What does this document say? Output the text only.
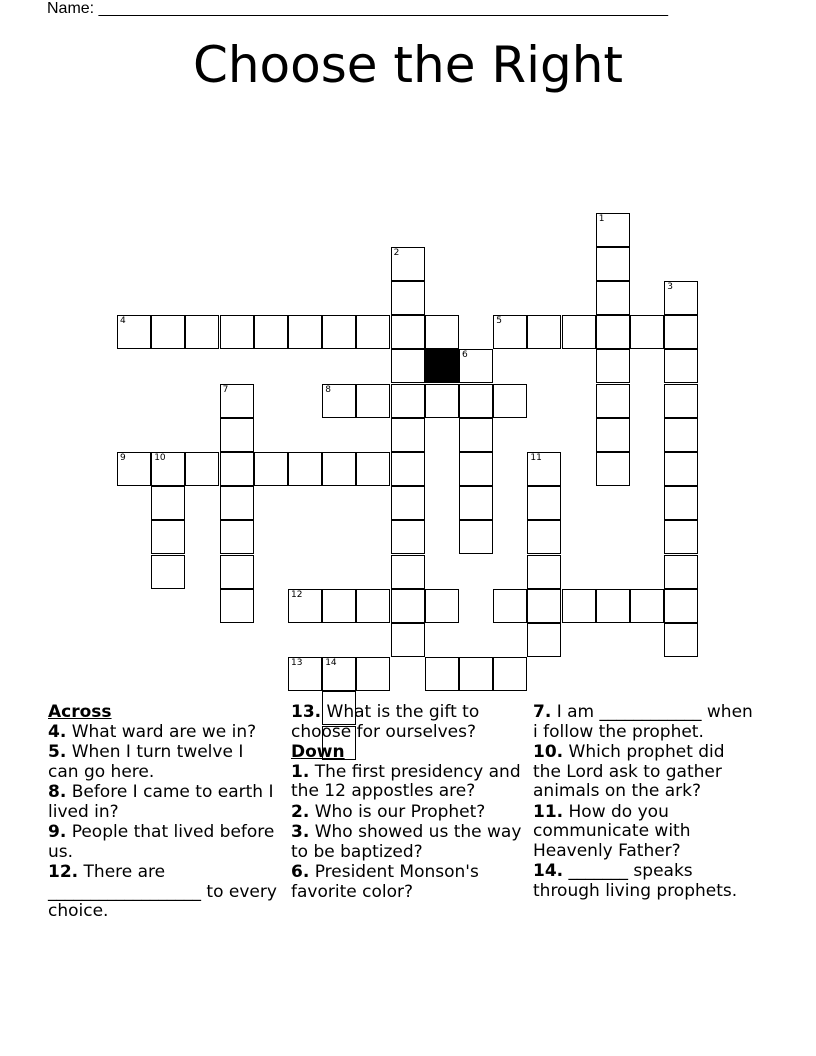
Name: ________________________________________________________________
Choose the Right
1
2
3
4	5
6
7	8
9	10	11
12
13	14
Across
4. What ward are we in?
5. When I turn twelve I can go here.
8. Before I came to earth I lived in?
9. People that lived before us.
12. There are __________________ to every choice.
13. What is the gift to choose for ourselves?
Down
1. The first presidency and the 12 appostles are?
2. Who is our Prophet?
3. Who showed us the way to be baptized?
6. President Monson's favorite color?
7. I am ____________ when i follow the prophet.
10. Which prophet did the Lord ask to gather animals on the ark?
11. How do you communicate with Heavenly Father?
14. _______ speaks through living prophets.
